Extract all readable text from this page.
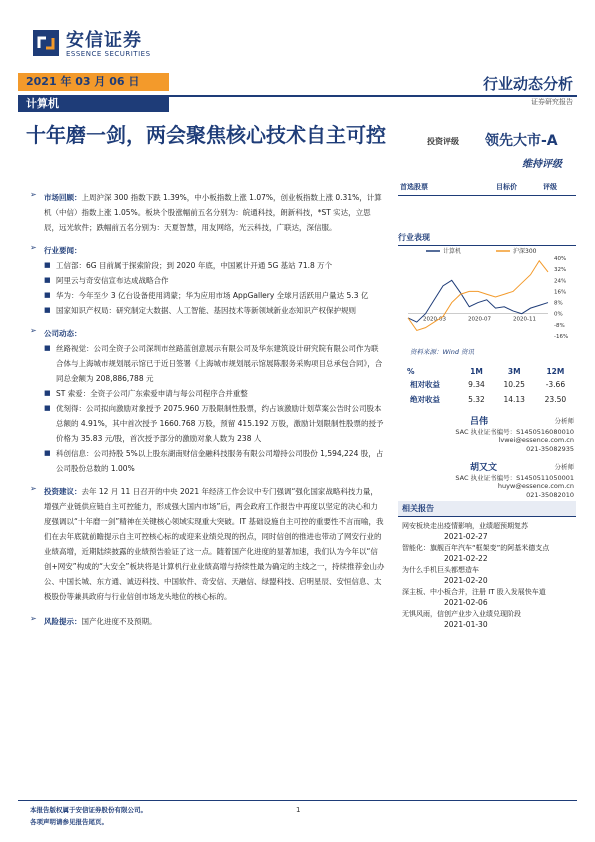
安信证券
ESSENCE SECURITIES
2021 年 03 月 06 日
计算机
行业动态分析
证券研究报告
十年磨一剑，两会聚焦核心技术自主可控	投资评级 领先大市-A
维持评级
首选股票	目标价	评级
➢ 市场回顾：上周沪深 300 指数下跌 1.39%，中小板指数上涨 1.07%，创业板指数上涨 0.31%，计算机（中信）指数上涨 1.05%。板块个股涨幅前五名分别为：皖通科技，朗新科技，*ST 实达，立思辰，远光软件；跌幅前五名分别为：天夏智慧，用友网络，光云科技，广联达，深信服。
➢ 行业要闻：
■ 工信部：6G 目前属于探索阶段；到 2020 年底，中国累计开通 5G 基站 71.8 万个
■ 阿里云与奇安信宣布达成战略合作
■ 华为：今年至少 3 亿台设备使用鸿蒙；华为应用市场 AppGallery 全球月活跃用户量达 5.3 亿
■ 国家知识产权局：研究制定大数据、人工智能、基因技术等新领域新业态知识产权保护规则
➢ 公司动态：
■ 丝路视觉：公司全资子公司深圳市丝路蓝创意展示有限公司及华东建筑设计研究院有限公司作为联合体与上海城市规划展示馆已于近日签署《上海城市规划展示馆展陈服务采购项目总承包合同》，合同总金额为 208,886,788 元
■ ST 索爱：全资子公司广东索爱申请与每公司程序合并重整
■ 优刻得：公司拟向激励对象授予 2075.960 万股限制性股票，约占该激励计划草案公告时公司股本总额的 4.91%，其中首次授予 1660.768 万股，预留 415.192 万股，激励计划限制性股票的授予价格为 35.83 元/股，首次授予部分的激励对象人数为 238 人
■ 科创信息：公司持股 5%以上股东湖南财信金融科技服务有限公司增持公司股份 1,594,224 股，占公司股份总数的 1.00%
➢ 投资建议：去年 12 月 11 日召开的中央 2021 年经济工作会议中专门强调“强化国家战略科技力量，增强产业链供应链自主可控能力，形成强大国内市场”后，两会政府工作报告中再度以坚定的决心和力度强调以“十年磨一剑”精神在关键核心领域实现重大突破。IT 基础设施自主可控的重要性不言而喻，我们在去年底就前瞻提示自主可控核心标的或迎来业绩兑现的拐点，同时信创的推进也带动了网安行业的业绩高增，近期陆续披露的业绩预告验证了这一点。随着国产化进度的显著加速，我们认为今年以“信创+网安”构成的“大安全”板块将是计算机行业业绩高增与持续性最为确定的主线之一，持续推荐金山办公、中国长城、东方通、诚迈科技、中国软件、奇安信、天融信、绿盟科技、启明星辰、安恒信息、太极股份等兼具政府与行业信创市场龙头地位的核心标的。
➢ 风险提示：国产化进度不及预期。
行业表现
40%
32%
24%
16%
8%
0%
-8%
-16%
2020-03	2020-07	2020-11
计算机	沪深300
资料来源：Wind 资讯
%	1M	3M	12M
相对收益	9.34	10.25	-3.66
绝对收益	5.32	14.13	23.50
吕伟	分析师
SAC 执业证书编号：S1450516080010
lvwei@essence.com.cn
021-35082935
胡又文	分析师
SAC 执业证书编号：S1450511050001
huyw@essence.com.cn
021-35082010
相关报告
网安板块走出疫情影响，业绩超预期复苏
2021-02-27
智能化：旗舰百年汽车“框架变”的阿基米德支点
2021-02-22
为什么手机巨头都想造车
2021-02-20
深主板、中小板合并，注册 IT 股入发展快车道
2021-02-06
无惧风雨，信创产业步入业绩兑现阶段
2021-01-30
本报告版权属于安信证券股份有限公司。
各项声明请参见报告尾页。
1
